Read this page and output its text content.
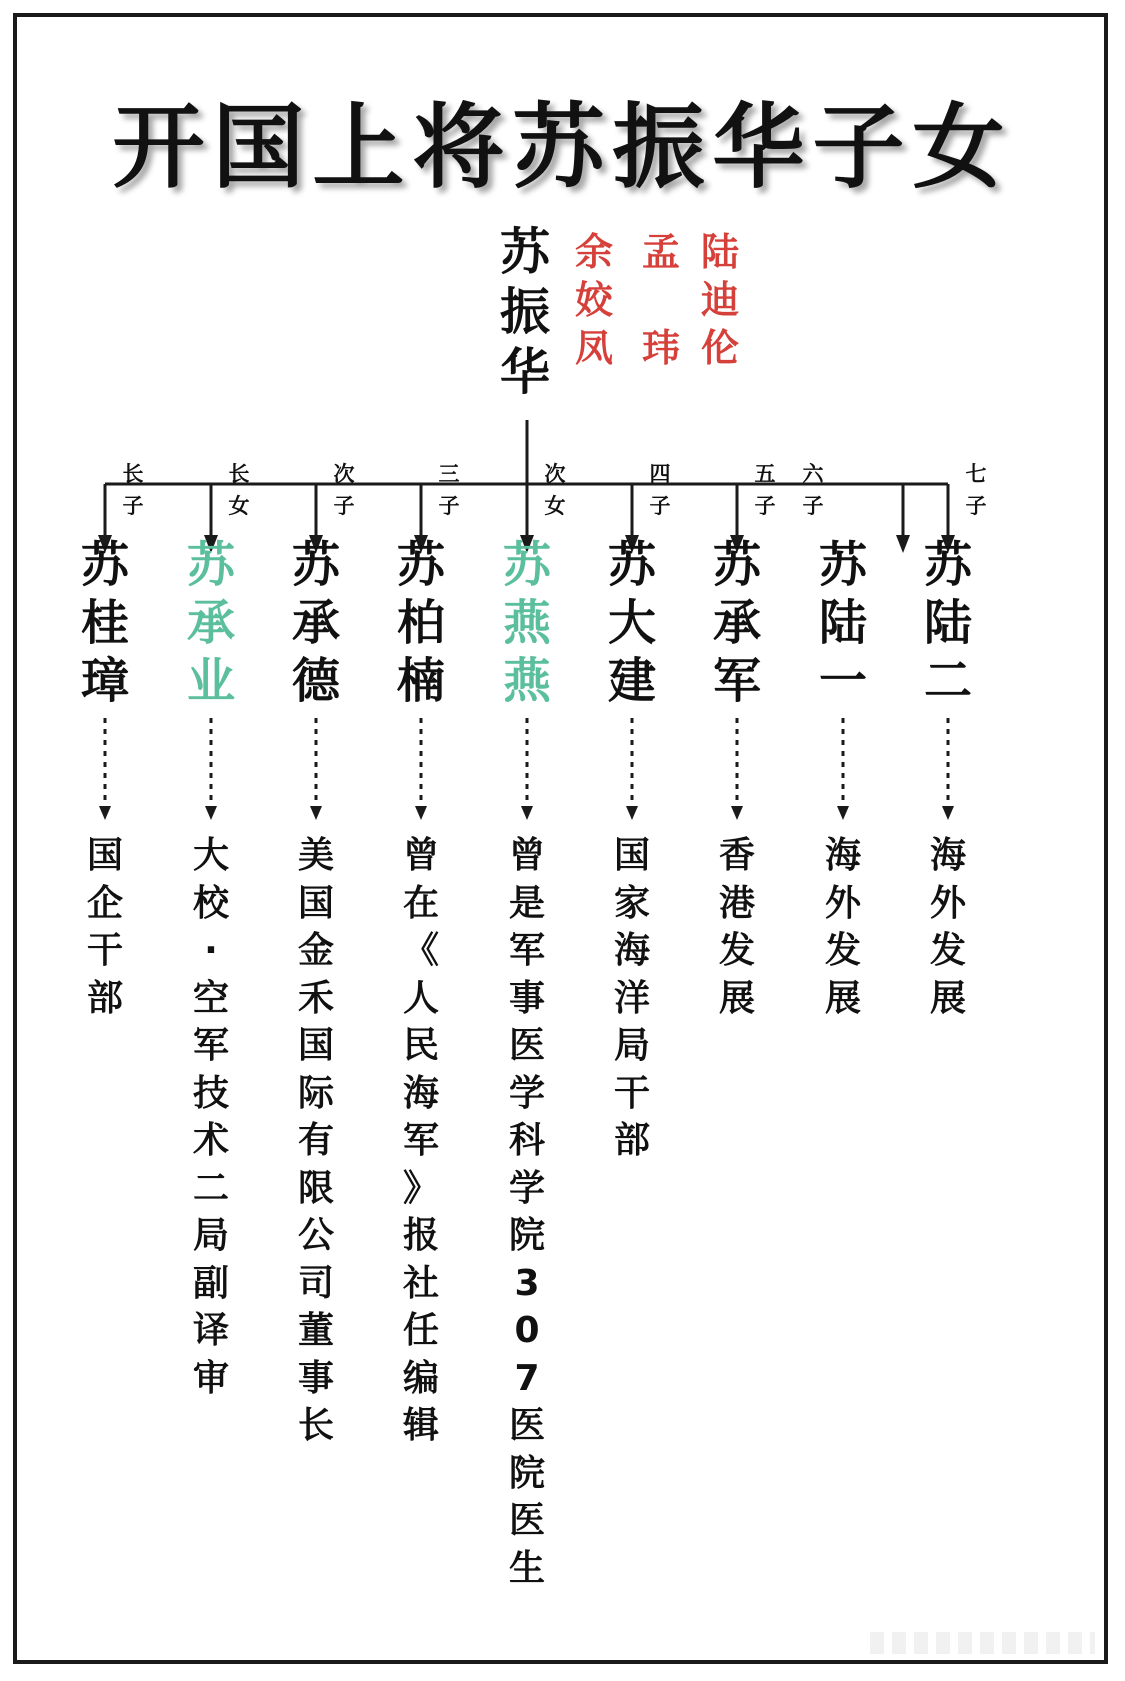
开国上将苏振华子女
苏
振
华
余
姣
凤
孟

玮
陆
迪
伦
长
子
苏
桂
璋
国
企
干
部
长
女
苏
承
业
大
校
·
空
军
技
术
二
局
副
译
审
次
子
苏
承
德
美
国
金
禾
国
际
有
限
公
司
董
事
长
三
子
苏
柏
楠
曾
在
《
人
民
海
军
》
报
社
任
编
辑
次
女
苏
燕
燕
曾
是
军
事
医
学
科
学
院
3
0
7
医
院
医
生
四
子
苏
大
建
国
家
海
洋
局
干
部
五
子
苏
承
军
香
港
发
展
六
子
苏
陆
一
海
外
发
展
七
子
苏
陆
二
海
外
发
展
